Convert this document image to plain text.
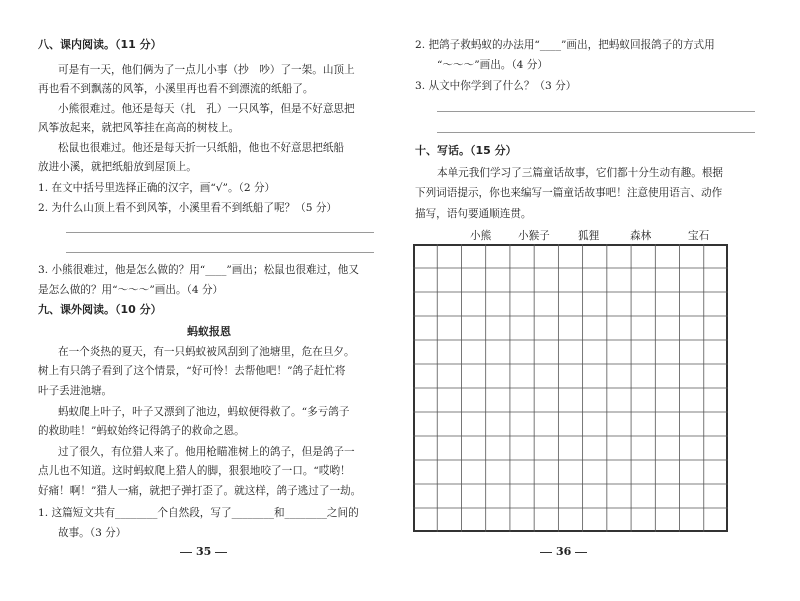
八、课内阅读。（11 分）
可是有一天，他们俩为了一点儿小事（抄　吵）了一架。山顶上
再也看不到飘荡的风筝，小溪里再也看不到漂流的纸船了。
小熊很难过。他还是每天（扎　孔）一只风筝，但是不好意思把
风筝放起来，就把风筝挂在高高的树枝上。
松鼠也很难过。他还是每天折一只纸船，他也不好意思把纸船
放进小溪，就把纸船放到屋顶上。
1. 在文中括号里选择正确的汉字，画“√”。（2 分）
2. 为什么山顶上看不到风筝，小溪里看不到纸船了呢？（5 分）
3. 小熊很难过，他是怎么做的？用“____”画出；松鼠也很难过，他又
是怎么做的？用“～～～”画出。（4 分）
九、课外阅读。（10 分）
蚂蚁报恩
在一个炎热的夏天，有一只蚂蚁被风刮到了池塘里，危在旦夕。
树上有只鸽子看到了这个情景，“好可怜！去帮他吧！”鸽子赶忙将
叶子丢进池塘。
蚂蚁爬上叶子，叶子又漂到了池边，蚂蚁便得救了。“多亏鸽子
的救助哇！”蚂蚁始终记得鸽子的救命之恩。
过了很久，有位猎人来了。他用枪瞄准树上的鸽子，但是鸽子一
点儿也不知道。这时蚂蚁爬上猎人的脚，狠狠地咬了一口。“哎哟！
好痛！啊！”猎人一痛，就把子弹打歪了。就这样，鸽子逃过了一劫。
1. 这篇短文共有________个自然段，写了________和________之间的
故事。（3 分）
35
2. 把鸽子救蚂蚁的办法用“____”画出，把蚂蚁回报鸽子的方式用
“～～～”画出。（4 分）
3. 从文中你学到了什么？（3 分）
十、写话。（15 分）
本单元我们学习了三篇童话故事，它们都十分生动有趣。根据
下列词语提示，你也来编写一篇童话故事吧！注意使用语言、动作
描写，语句要通顺连贯。
小熊	小猴子	狐狸	森林	宝石
36
